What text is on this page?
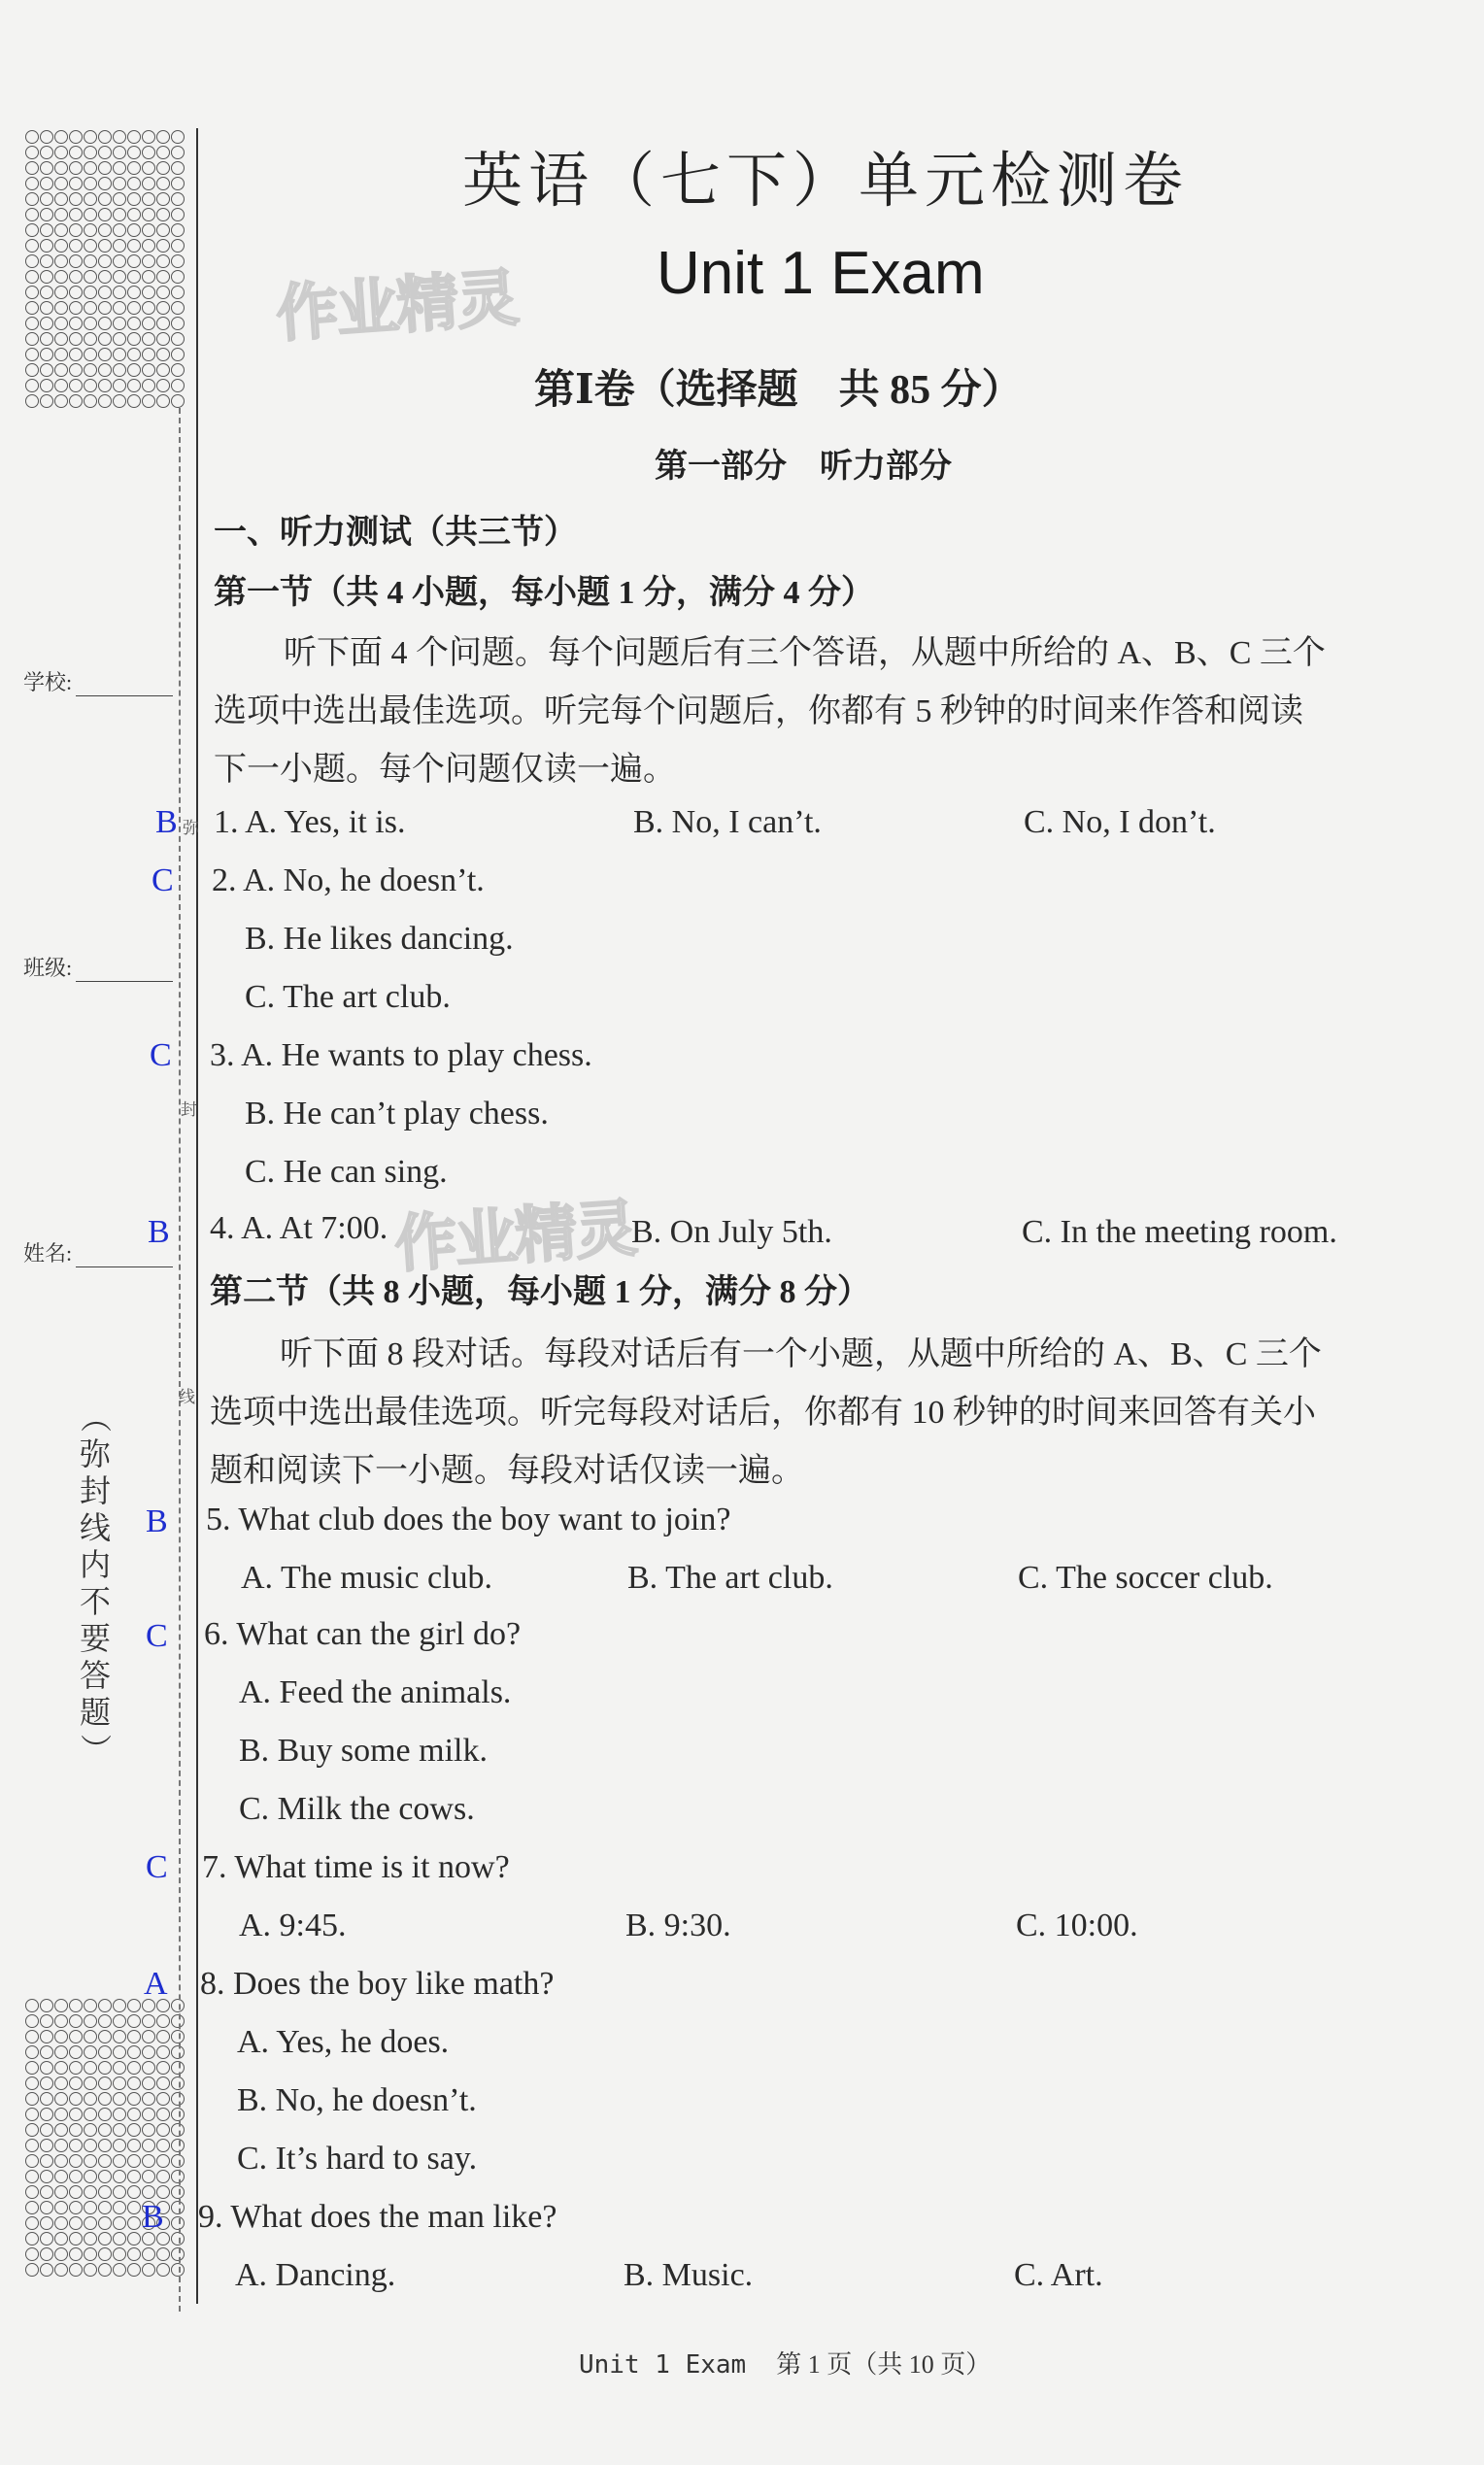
学校:
班级:
姓名:
弥
封
线
（
弥
封
线
内
不
要
答
题
）
作业精灵
作业精灵
英语（七下）单元检测卷
Unit 1 Exam
第Ⅰ卷（选择题　共 85 分）
第一部分　听力部分
一、听力测试（共三节）
第一节（共 4 小题，每小题 1 分，满分 4 分）
听下面 4 个问题。每个问题后有三个答语，从题中所给的 A、B、C 三个
选项中选出最佳选项。听完每个问题后，你都有 5 秒钟的时间来作答和阅读
下一小题。每个问题仅读一遍。
B 1. A. Yes, it is.	B. No, I can’t.	C. No, I don’t.
C 2. A. No, he doesn’t.
B. He likes dancing.
C. The art club.
C 3. A. He wants to play chess.
B. He can’t play chess.
C. He can sing.
B 4. A. At 7:00.	B. On July 5th.	C. In the meeting room.
第二节（共 8 小题，每小题 1 分，满分 8 分）
听下面 8 段对话。每段对话后有一个小题，从题中所给的 A、B、C 三个
选项中选出最佳选项。听完每段对话后，你都有 10 秒钟的时间来回答有关小
题和阅读下一小题。每段对话仅读一遍。
B 5. What club does the boy want to join?
A. The music club.	B. The art club.	C. The soccer club.
C 6. What can the girl do?
A. Feed the animals.
B. Buy some milk.
C. Milk the cows.
C 7. What time is it now?
A. 9:45.	B. 9:30.	C. 10:00.
A 8. Does the boy like math?
A. Yes, he does.
B. No, he doesn’t.
C. It’s hard to say.
B 9. What does the man like?
A. Dancing.	B. Music.	C. Art.
Unit 1 Exam 第 1 页（共 10 页）
